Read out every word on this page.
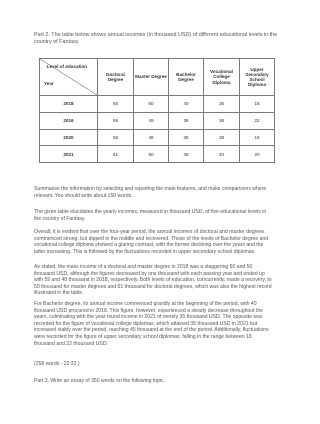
Part 2. The table below shows annual incomes (in thousand USD) of different educational levels in the country of Fantasy.

Level of education
Year	Doctoral Degree	Master Degree	Bachelor Degree	Vocational College Diploma	Upper Secondary School Diploma
2018	60	60	40	35	18
2019	59	49	38	36	22
2020	58	48	36	38	16
2021	61	50	38	40	20

Summarise the information by selecting and reporting the main features, and make comparisons where relevant. You should write about 150 words.

The given table elucidates the yearly incomes, measured in thousand USD, of five educational levels in the country of Fantasy.

Overall, it is evident that over the four-year period, the annual incomes of doctoral and master degrees commenced strong, but dipped in the middle and recovered. Those of the levels of Bachelor degree and vocational college diploma showed a glaring contrast, with the former declining over the years and the latter increasing. This is followed by the fluctuations recorded in upper secondary school diplomas.

As stated, the mass income of a doctoral and master degree in 2018 was a staggering 60 and 50 thousand USD, although the figures decreased by one thousand with each passing year and ended up with 59 and 48 thousand in 2018, respectively. Both levels of education, concurrently, made a recovery, to 50 thousand for master degrees and 61 thousand for doctoral degrees, which was also the highest record illustrated in the table.

For Bachelor degree, its annual income commenced grandly at the beginning of the period, with 40 thousand USD procured in 2018. This figure, however, experienced a steady decrease throughout the years, culminating with the year round income in 2021 of merely 35 thousand USD. The opposite was recorded for the figure of vocational college diplomas, which attained 35 thousand USD in 2021 but increased stably over the period, reaching 45 thousand at the end of the period. Additionally, fluctuations were recorded for the figure of upper secondary school diplomas, falling in the range between 18 thousand and 22 thousand USD.

(258 words - 22:32 )

Part 3. Write an essay of 350 words on the following topic.
